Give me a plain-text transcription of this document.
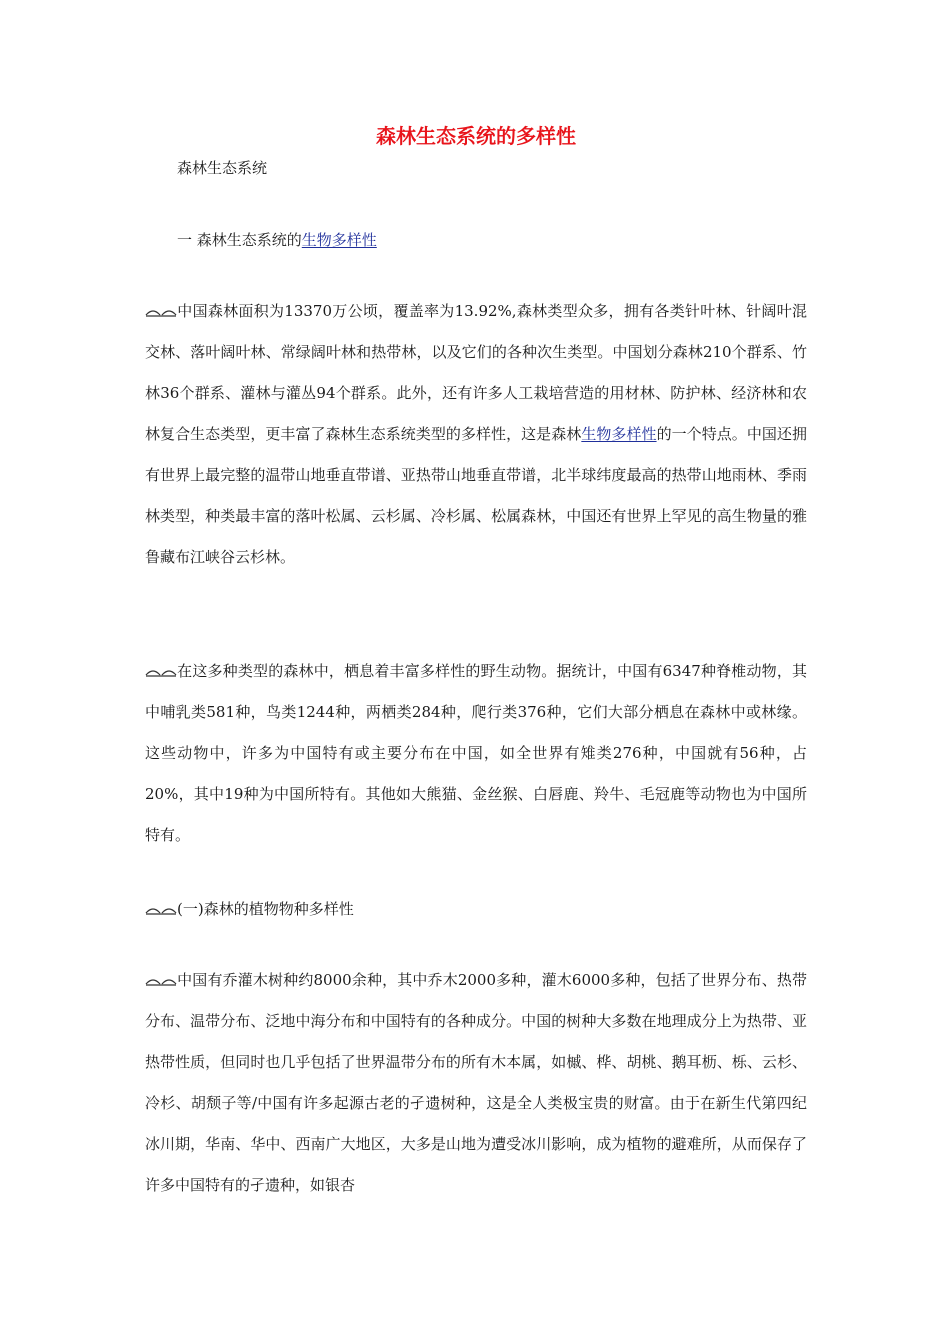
森林生态系统的多样性
森林生态系统
一 森林生态系统的生物多样性

中国森林面积为13370万公顷，覆盖率为13.92%,森林类型众多，拥有各类针叶林、针阔叶混交林、落叶阔叶林、常绿阔叶林和热带林，以及它们的各种次生类型。中国划分森林210个群系、竹林36个群系、灌林与灌丛94个群系。此外，还有许多人工栽培营造的用材林、防护林、经济林和农林复合生态类型，更丰富了森林生态系统类型的多样性，这是森林生物多样性的一个特点。中国还拥有世界上最完整的温带山地垂直带谱、亚热带山地垂直带谱，北半球纬度最高的热带山地雨林、季雨林类型，种类最丰富的落叶松属、云杉属、冷杉属、松属森林，中国还有世界上罕见的高生物量的雅鲁藏布江峡谷云杉林。

在这多种类型的森林中，栖息着丰富多样性的野生动物。据统计，中国有6347种脊椎动物，其中哺乳类581种，鸟类1244种，两栖类284种，爬行类376种，它们大部分栖息在森林中或林缘。这些动物中，许多为中国特有或主要分布在中国，如全世界有雉类276种，中国就有56种，占20%，其中19种为中国所特有。其他如大熊猫、金丝猴、白唇鹿、羚牛、毛冠鹿等动物也为中国所特有。

(一)森林的植物物种多样性

中国有乔灌木树种约8000余种，其中乔木2000多种，灌木6000多种，包括了世界分布、热带分布、温带分布、泛地中海分布和中国特有的各种成分。中国的树种大多数在地理成分上为热带、亚热带性质，但同时也几乎包括了世界温带分布的所有木本属，如槭、桦、胡桃、鹅耳枥、栎、云杉、冷杉、胡颓子等/中国有许多起源古老的孑遗树种，这是全人类极宝贵的财富。由于在新生代第四纪冰川期，华南、华中、西南广大地区，大多是山地为遭受冰川影响，成为植物的避难所，从而保存了许多中国特有的孑遗种，如银杏
